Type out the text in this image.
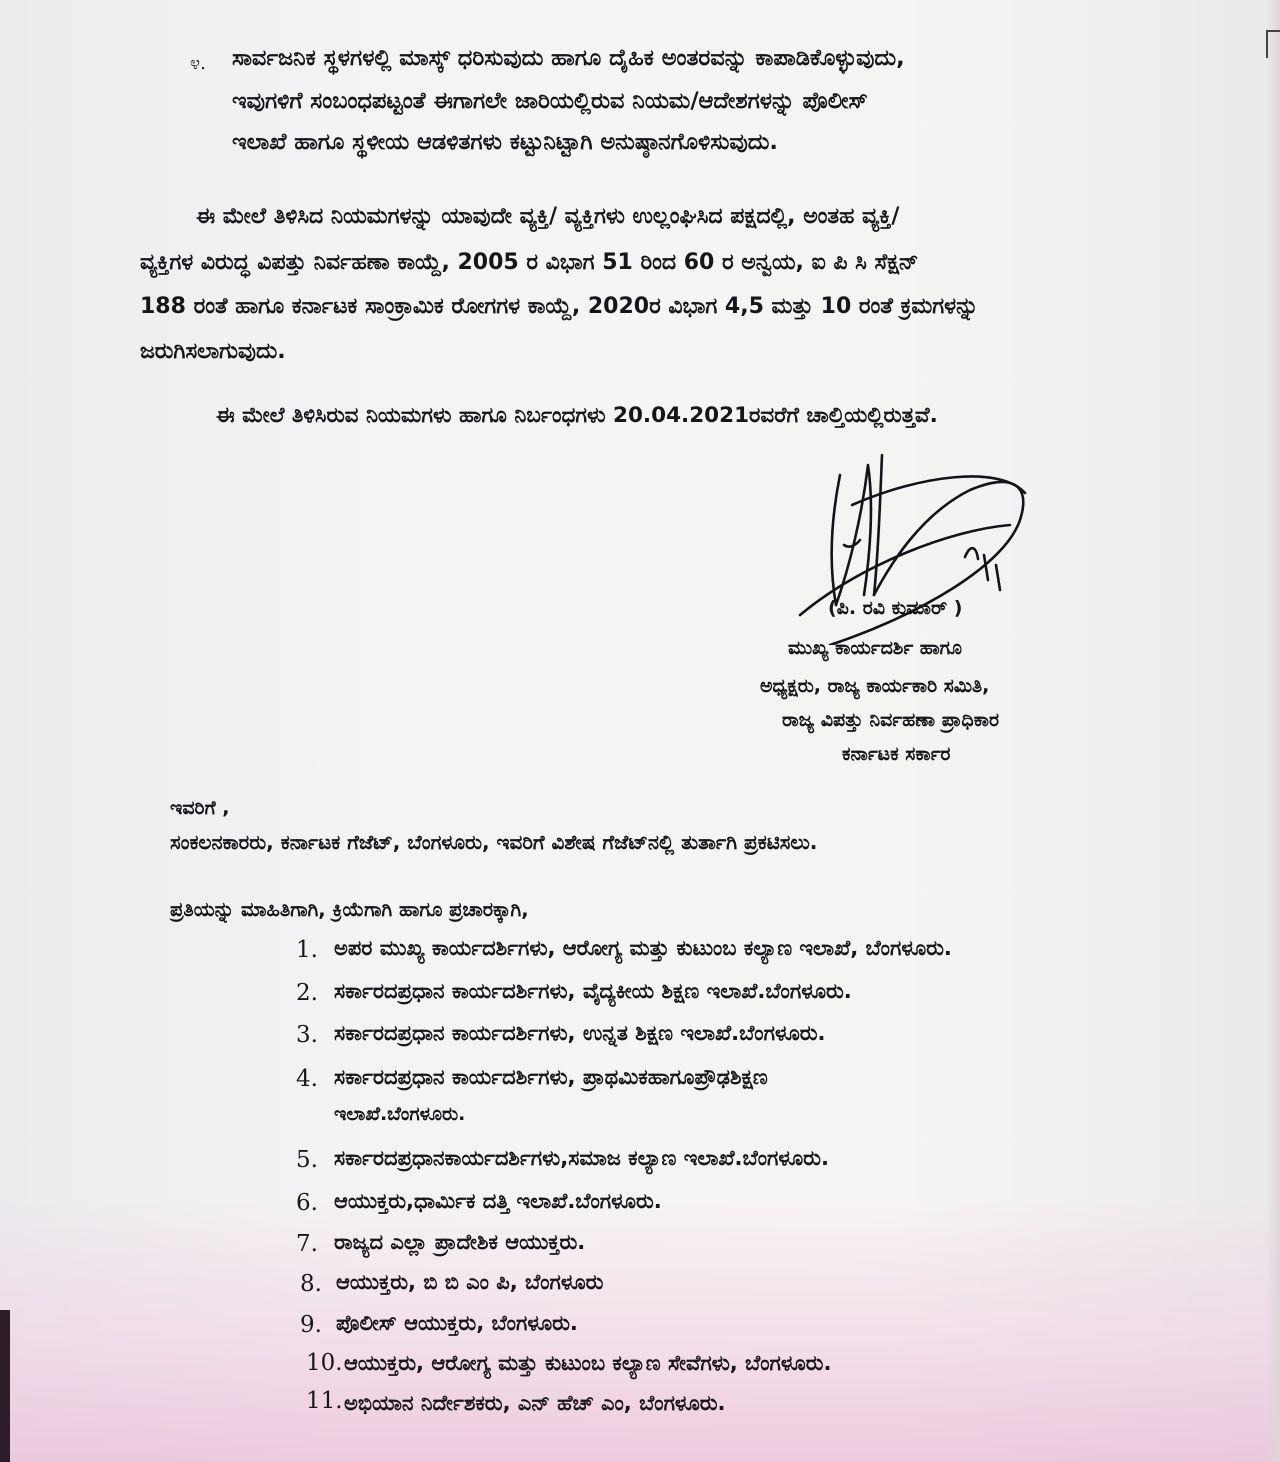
೪. ಸಾರ್ವಜನಿಕ ಸ್ಥಳಗಳಲ್ಲಿ ಮಾಸ್ಕ್ ಧರಿಸುವುದು ಹಾಗೂ ದೈಹಿಕ ಅಂತರವನ್ನು ಕಾಪಾಡಿಕೊಳ್ಳುವುದು,
ಇವುಗಳಿಗೆ ಸಂಬಂಧಪಟ್ಟಂತೆ ಈಗಾಗಲೇ ಜಾರಿಯಲ್ಲಿರುವ ನಿಯಮ/ಆದೇಶಗಳನ್ನು ಪೊಲೀಸ್
ಇಲಾಖೆ ಹಾಗೂ ಸ್ಥಳೀಯ ಆಡಳಿತಗಳು ಕಟ್ಟುನಿಟ್ಟಾಗಿ ಅನುಷ್ಠಾನಗೊಳಿಸುವುದು.
ಈ ಮೇಲೆ ತಿಳಿಸಿದ ನಿಯಮಗಳನ್ನು ಯಾವುದೇ ವ್ಯಕ್ತಿ/ ವ್ಯಕ್ತಿಗಳು ಉಲ್ಲಂಘಿಸಿದ ಪಕ್ಷದಲ್ಲಿ, ಅಂತಹ ವ್ಯಕ್ತಿ/
ವ್ಯಕ್ತಿಗಳ ವಿರುದ್ಧ ವಿಪತ್ತು ನಿರ್ವಹಣಾ ಕಾಯ್ದೆ, 2005 ರ ವಿಭಾಗ 51 ರಿಂದ 60 ರ ಅನ್ವಯ, ಐ ಪಿ ಸಿ ಸೆಕ್ಷನ್
188 ರಂತೆ ಹಾಗೂ ಕರ್ನಾಟಕ ಸಾಂಕ್ರಾಮಿಕ ರೋಗಗಳ ಕಾಯ್ದೆ, 2020ರ ವಿಭಾಗ 4,5 ಮತ್ತು 10 ರಂತೆ ಕ್ರಮಗಳನ್ನು
ಜರುಗಿಸಲಾಗುವುದು.
ಈ ಮೇಲೆ ತಿಳಿಸಿರುವ ನಿಯಮಗಳು ಹಾಗೂ ನಿರ್ಬಂಧಗಳು 20.04.2021ರವರೆಗೆ ಚಾಲ್ತಿಯಲ್ಲಿರುತ್ತವೆ.
(ಪಿ. ರವಿ ಕುಮಾರ್ )
ಮುಖ್ಯ ಕಾರ್ಯದರ್ಶಿ ಹಾಗೂ
ಅಧ್ಯಕ್ಷರು, ರಾಜ್ಯ ಕಾರ್ಯಕಾರಿ ಸಮಿತಿ,
ರಾಜ್ಯ ವಿಪತ್ತು ನಿರ್ವಹಣಾ ಪ್ರಾಧಿಕಾರ
ಕರ್ನಾಟಕ ಸರ್ಕಾರ
ಇವರಿಗೆ ,
ಸಂಕಲನಕಾರರು, ಕರ್ನಾಟಕ ಗೆಜೆಟ್, ಬೆಂಗಳೂರು, ಇವರಿಗೆ ವಿಶೇಷ ಗೆಜೆಟ್‌ನಲ್ಲಿ ತುರ್ತಾಗಿ ಪ್ರಕಟಿಸಲು.
ಪ್ರತಿಯನ್ನು ಮಾಹಿತಿಗಾಗಿ, ಕ್ರಿಯೆಗಾಗಿ ಹಾಗೂ ಪ್ರಚಾರಕ್ಕಾಗಿ,
1. ಅಪರ ಮುಖ್ಯ ಕಾರ್ಯದರ್ಶಿಗಳು, ಆರೋಗ್ಯ ಮತ್ತು ಕುಟುಂಬ ಕಲ್ಯಾಣ ಇಲಾಖೆ, ಬೆಂಗಳೂರು.
2. ಸರ್ಕಾರದಪ್ರಧಾನ ಕಾರ್ಯದರ್ಶಿಗಳು, ವೈದ್ಯಕೀಯ ಶಿಕ್ಷಣ ಇಲಾಖೆ.ಬೆಂಗಳೂರು.
3. ಸರ್ಕಾರದಪ್ರಧಾನ ಕಾರ್ಯದರ್ಶಿಗಳು, ಉನ್ನತ ಶಿಕ್ಷಣ ಇಲಾಖೆ.ಬೆಂಗಳೂರು.
4. ಸರ್ಕಾರದಪ್ರಧಾನ ಕಾರ್ಯದರ್ಶಿಗಳು, ಪ್ರಾಥಮಿಕಹಾಗೂಪ್ರೌಢಶಿಕ್ಷಣ
ಇಲಾಖೆ.ಬೆಂಗಳೂರು.
5. ಸರ್ಕಾರದಪ್ರಧಾನಕಾರ್ಯದರ್ಶಿಗಳು,ಸಮಾಜ ಕಲ್ಯಾಣ ಇಲಾಖೆ.ಬೆಂಗಳೂರು.
6. ಆಯುಕ್ತರು,ಧಾರ್ಮಿಕ ದತ್ತಿ ಇಲಾಖೆ.ಬೆಂಗಳೂರು.
7. ರಾಜ್ಯದ ಎಲ್ಲಾ ಪ್ರಾದೇಶಿಕ ಆಯುಕ್ತರು.
8. ಆಯುಕ್ತರು, ಬಿ ಬಿ ಎಂ ಪಿ, ಬೆಂಗಳೂರು
9. ಪೊಲೀಸ್ ಆಯುಕ್ತರು, ಬೆಂಗಳೂರು.
10. ಆಯುಕ್ತರು, ಆರೋಗ್ಯ ಮತ್ತು ಕುಟುಂಬ ಕಲ್ಯಾಣ ಸೇವೆಗಳು, ಬೆಂಗಳೂರು.
11. ಅಭಿಯಾನ ನಿರ್ದೇಶಕರು, ಎನ್ ಹೆಚ್ ಎಂ, ಬೆಂಗಳೂರು.
